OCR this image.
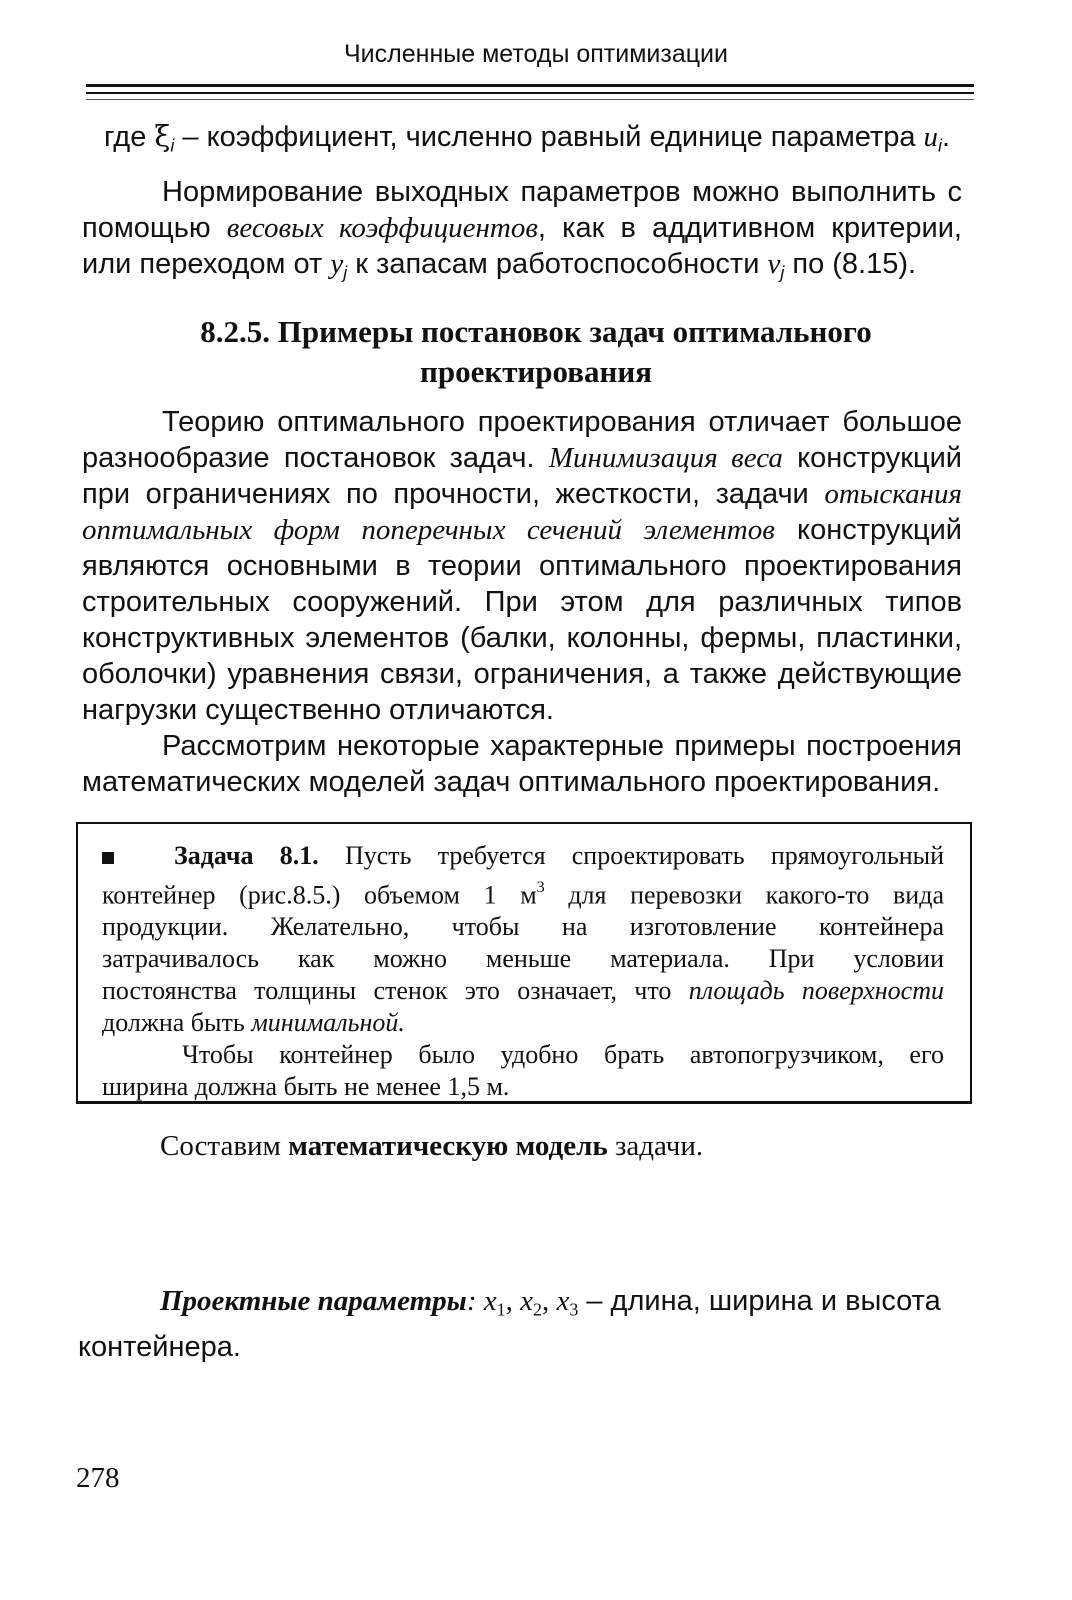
Численные методы оптимизации
где $\xi_i$ – коэффициент, численно равный единице параметра $u_i$.
Нормирование выходных параметров можно выполнить с
помощью весовых коэффициентов, как в аддитивном критерии,
или переходом от $y_j$ к запасам работоспособности $v_j$ по (8.15).
8.2.5. Примеры постановок задач оптимального
проектирования
Теорию оптимального проектирования отличает большое
разнообразие постановок задач. Минимизация веса конструкций
при ограничениях по прочности, жесткости, задачи отыскания
оптимальных форм поперечных сечений элементов конструкций
являются основными в теории оптимального проектирования
строительных сооружений. При этом для различных типов
конструктивных элементов (балки, колонны, фермы, пластинки,
оболочки) уравнения связи, ограничения, а также действующие
нагрузки существенно отличаются.
Рассмотрим некоторые характерные примеры построения
математических моделей задач оптимального проектирования.
Задача 8.1. Пусть требуется спроектировать прямоугольный
контейнер (рис.8.5.) объемом 1 $м^3$ для перевозки какого-то вида
продукции. Желательно, чтобы на изготовление контейнера
затрачивалось как можно меньше материала. При условии
постоянства толщины стенок это означает, что площадь поверхности
должна быть минимальной.
Чтобы контейнер было удобно брать автопогрузчиком, его
ширина должна быть не менее 1,5 м.
Составим математическую модель задачи.
Проектные параметры: $x_1$, $x_2$, $x_3$ – длина, ширина и высота
контейнера.
278
